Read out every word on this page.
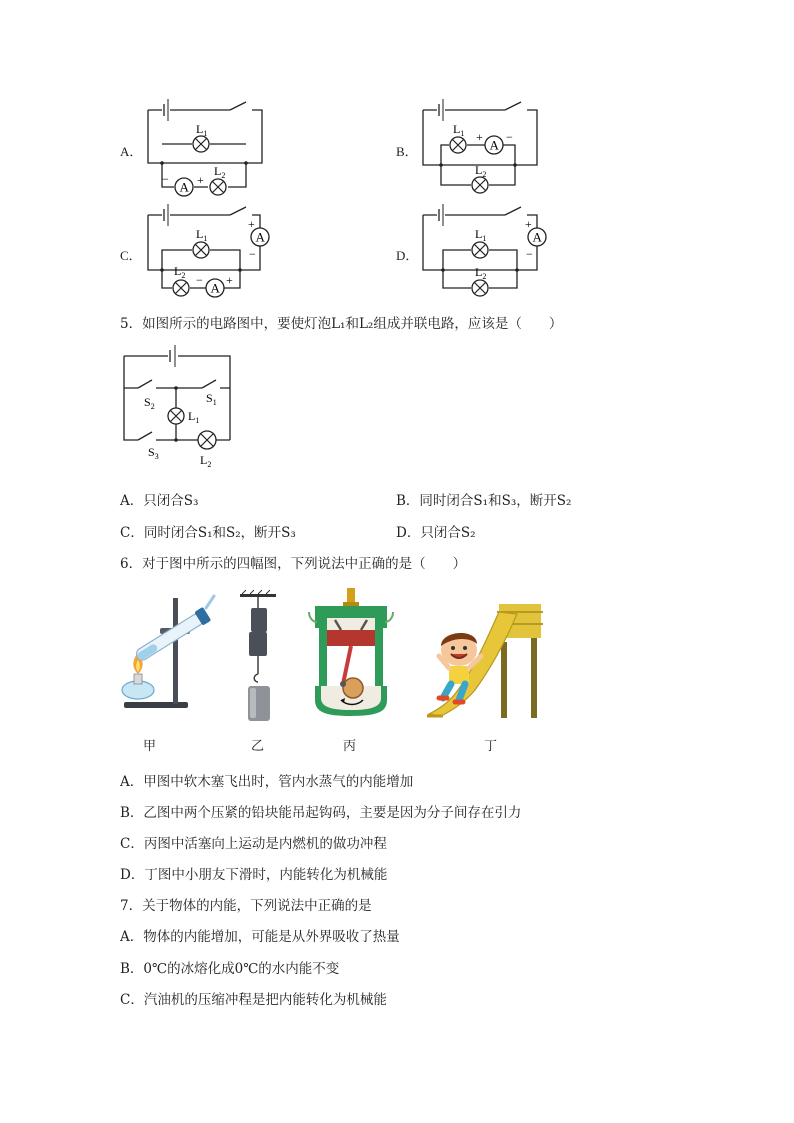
A．
A
$L_1$
$L_2$
− +
B．	A
$L_1$
$L_2$
+ −
C．
A
A
$L_1$
$L_2$
+
−
− +
D．
A
$L_1$
$L_2$
+
−
5．如图所示的电路图中，要使灯泡L₁和L₂组成并联电路，应该是（　　）
$S_2$
$S_1$
$L_1$
$S_3$	$L_2$
A．只闭合S₃	B．同时闭合S₁和S₃，断开S₂
C．同时闭合S₁和S₂，断开S₃	D．只闭合S₂
6．对于图中所示的四幅图，下列说法中正确的是（　　）
甲	乙	丙	丁
A．甲图中软木塞飞出时，管内水蒸气的内能增加
B．乙图中两个压紧的铅块能吊起钩码，主要是因为分子间存在引力
C．丙图中活塞向上运动是内燃机的做功冲程
D．丁图中小朋友下滑时，内能转化为机械能
7．关于物体的内能，下列说法中正确的是
A．物体的内能增加，可能是从外界吸收了热量
B．0℃的冰熔化成0℃的水内能不变
C．汽油机的压缩冲程是把内能转化为机械能
